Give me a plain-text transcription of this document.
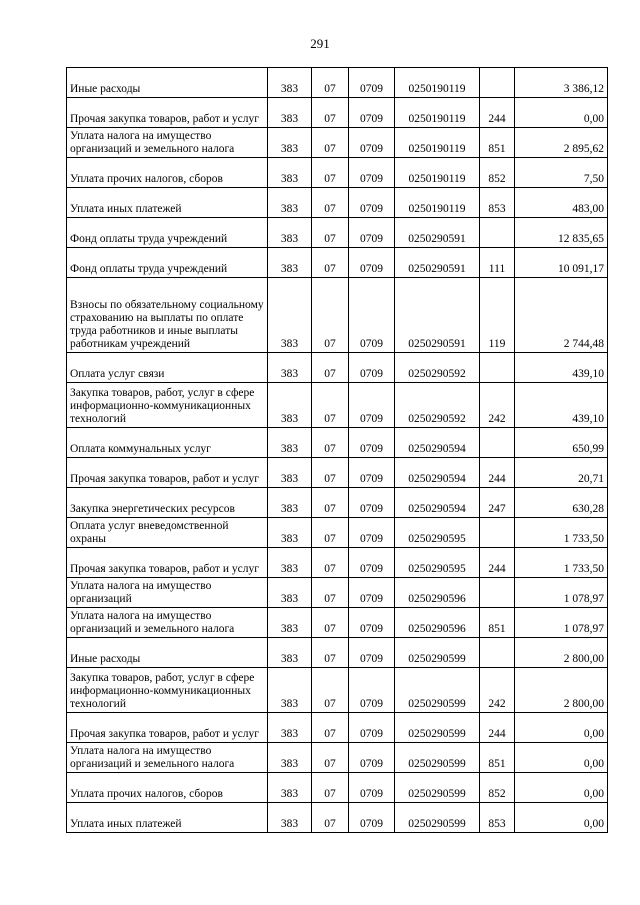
291
Иные расходы	383	07	0709	0250190119		3 386,12
Прочая закупка товаров, работ и услуг	383	07	0709	0250190119	244	0,00
Уплата налога на имущество организаций и земельного налога	383	07	0709	0250190119	851	2 895,62
Уплата прочих налогов, сборов	383	07	0709	0250190119	852	7,50
Уплата иных платежей	383	07	0709	0250190119	853	483,00
Фонд оплаты труда учреждений	383	07	0709	0250290591		12 835,65
Фонд оплаты труда учреждений	383	07	0709	0250290591	111	10 091,17
Взносы по обязательному социальному страхованию на выплаты по оплате труда работников и иные выплаты работникам учреждений	383	07	0709	0250290591	119	2 744,48
Оплата услуг связи	383	07	0709	0250290592		439,10
Закупка товаров, работ, услуг в сфере информационно-коммуникационных технологий	383	07	0709	0250290592	242	439,10
Оплата коммунальных услуг	383	07	0709	0250290594		650,99
Прочая закупка товаров, работ и услуг	383	07	0709	0250290594	244	20,71
Закупка энергетических ресурсов	383	07	0709	0250290594	247	630,28
Оплата услуг вневедомственной охраны	383	07	0709	0250290595		1 733,50
Прочая закупка товаров, работ и услуг	383	07	0709	0250290595	244	1 733,50
Уплата налога на имущество организаций	383	07	0709	0250290596		1 078,97
Уплата налога на имущество организаций и земельного налога	383	07	0709	0250290596	851	1 078,97
Иные расходы	383	07	0709	0250290599		2 800,00
Закупка товаров, работ, услуг в сфере информационно-коммуникационных технологий	383	07	0709	0250290599	242	2 800,00
Прочая закупка товаров, работ и услуг	383	07	0709	0250290599	244	0,00
Уплата налога на имущество организаций и земельного налога	383	07	0709	0250290599	851	0,00
Уплата прочих налогов, сборов	383	07	0709	0250290599	852	0,00
Уплата иных платежей	383	07	0709	0250290599	853	0,00
